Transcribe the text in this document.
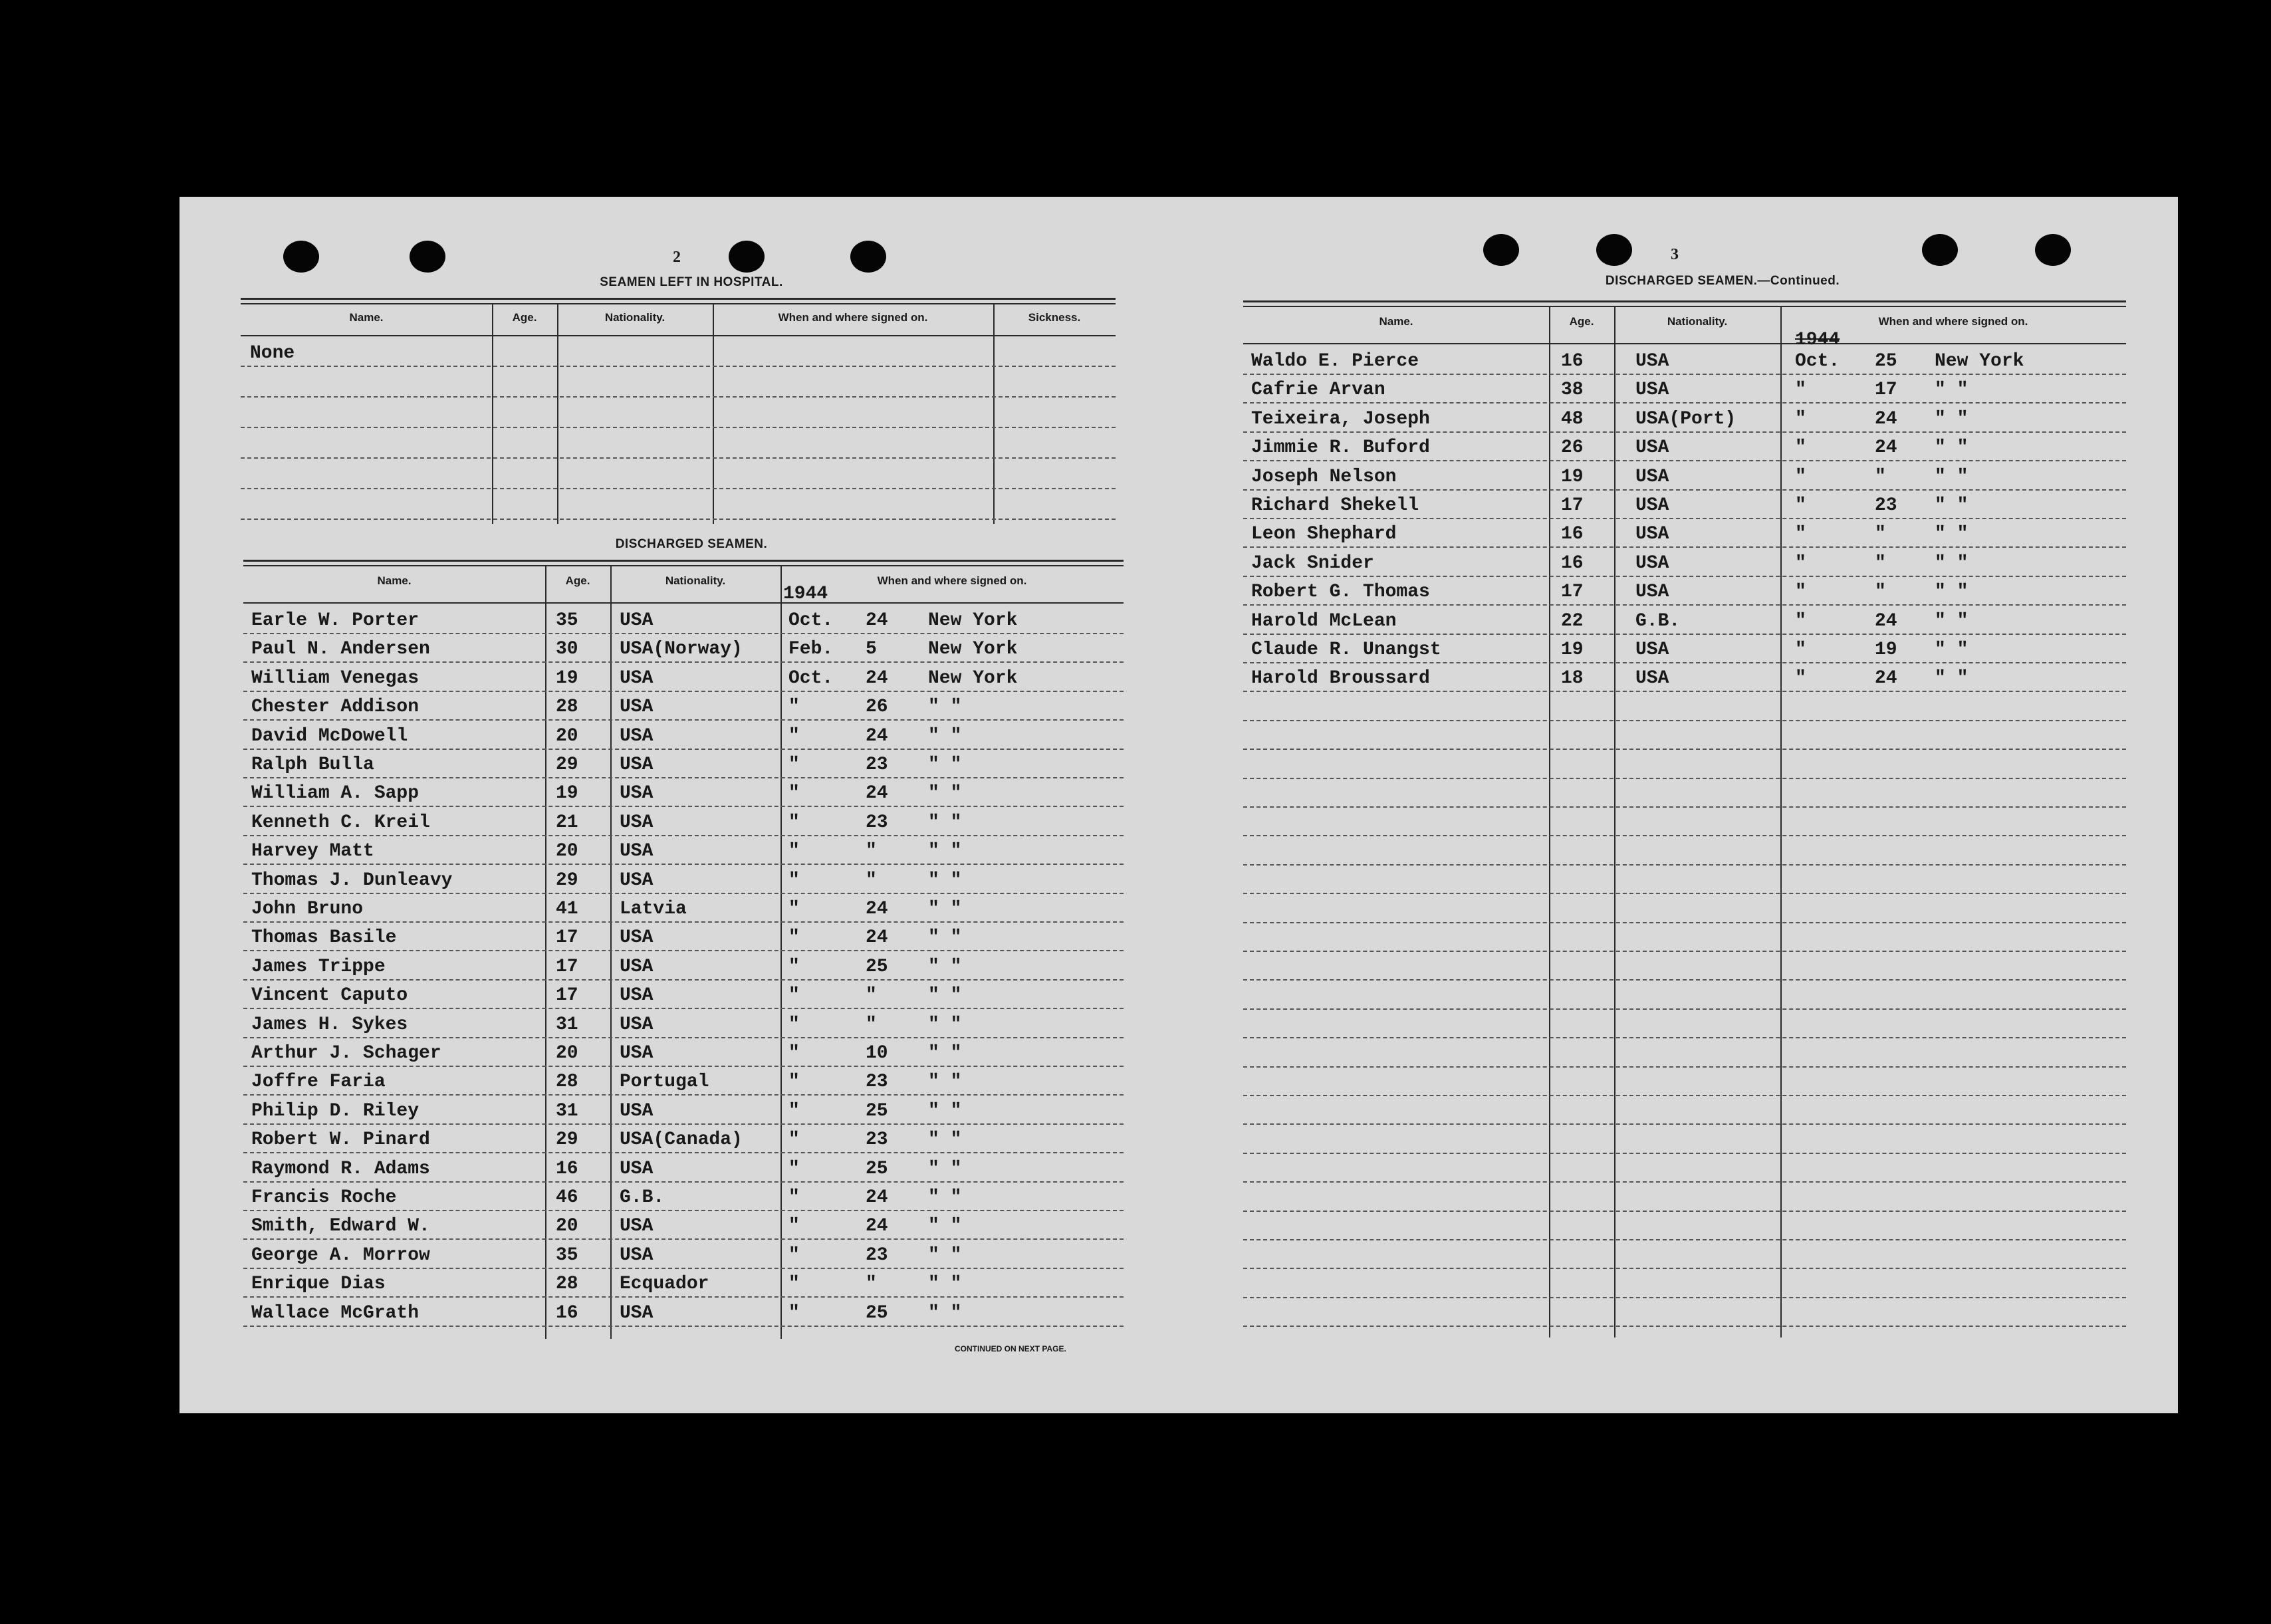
2
SEAMEN LEFT IN HOSPITAL.
Name.	Age.	Nationality.	When and where signed on.	Sickness.
None
DISCHARGED SEAMEN.
Name.	Age.	Nationality.	When and where signed on.
1944
Earle W. Porter	35	USA	Oct.	24	New York
Paul N. Andersen	30	USA(Norway)	Feb.	5	New York
William Venegas	19	USA	Oct.	24	New York
Chester Addison	28	USA	"	26	" "
David McDowell	20	USA	"	24	" "
Ralph Bulla	29	USA	"	23	" "
William A. Sapp	19	USA	"	24	" "
Kenneth C. Kreil	21	USA	"	23	" "
Harvey Matt	20	USA	"	"	" "
Thomas J. Dunleavy	29	USA	"	"	" "
John Bruno	41	Latvia	"	24	" "
Thomas Basile	17	USA	"	24	" "
James Trippe	17	USA	"	25	" "
Vincent Caputo	17	USA	"	"	" "
James H. Sykes	31	USA	"	"	" "
Arthur J. Schager	20	USA	"	10	" "
Joffre Faria	28	Portugal	"	23	" "
Philip D. Riley	31	USA	"	25	" "
Robert W. Pinard	29	USA(Canada)	"	23	" "
Raymond R. Adams	16	USA	"	25	" "
Francis Roche	46	G.B.	"	24	" "
Smith, Edward W.	20	USA	"	24	" "
George A. Morrow	35	USA	"	23	" "
Enrique Dias	28	Ecquador	"	"	" "
Wallace McGrath	16	USA	"	25	" "
CONTINUED ON NEXT PAGE.
3
DISCHARGED SEAMEN.—Continued.
Name.	Age.	Nationality.	When and where signed on.
1944
Waldo E. Pierce	16	USA	Oct.	25	New York
Cafrie Arvan	38	USA	"	17	" "
Teixeira, Joseph	48	USA(Port)	"	24	" "
Jimmie R. Buford	26	USA	"	24	" "
Joseph Nelson	19	USA	"	"	" "
Richard Shekell	17	USA	"	23	" "
Leon Shephard	16	USA	"	"	" "
Jack Snider	16	USA	"	"	" "
Robert G. Thomas	17	USA	"	"	" "
Harold McLean	22	G.B.	"	24	" "
Claude R. Unangst	19	USA	"	19	" "
Harold Broussard	18	USA	"	24	" "
